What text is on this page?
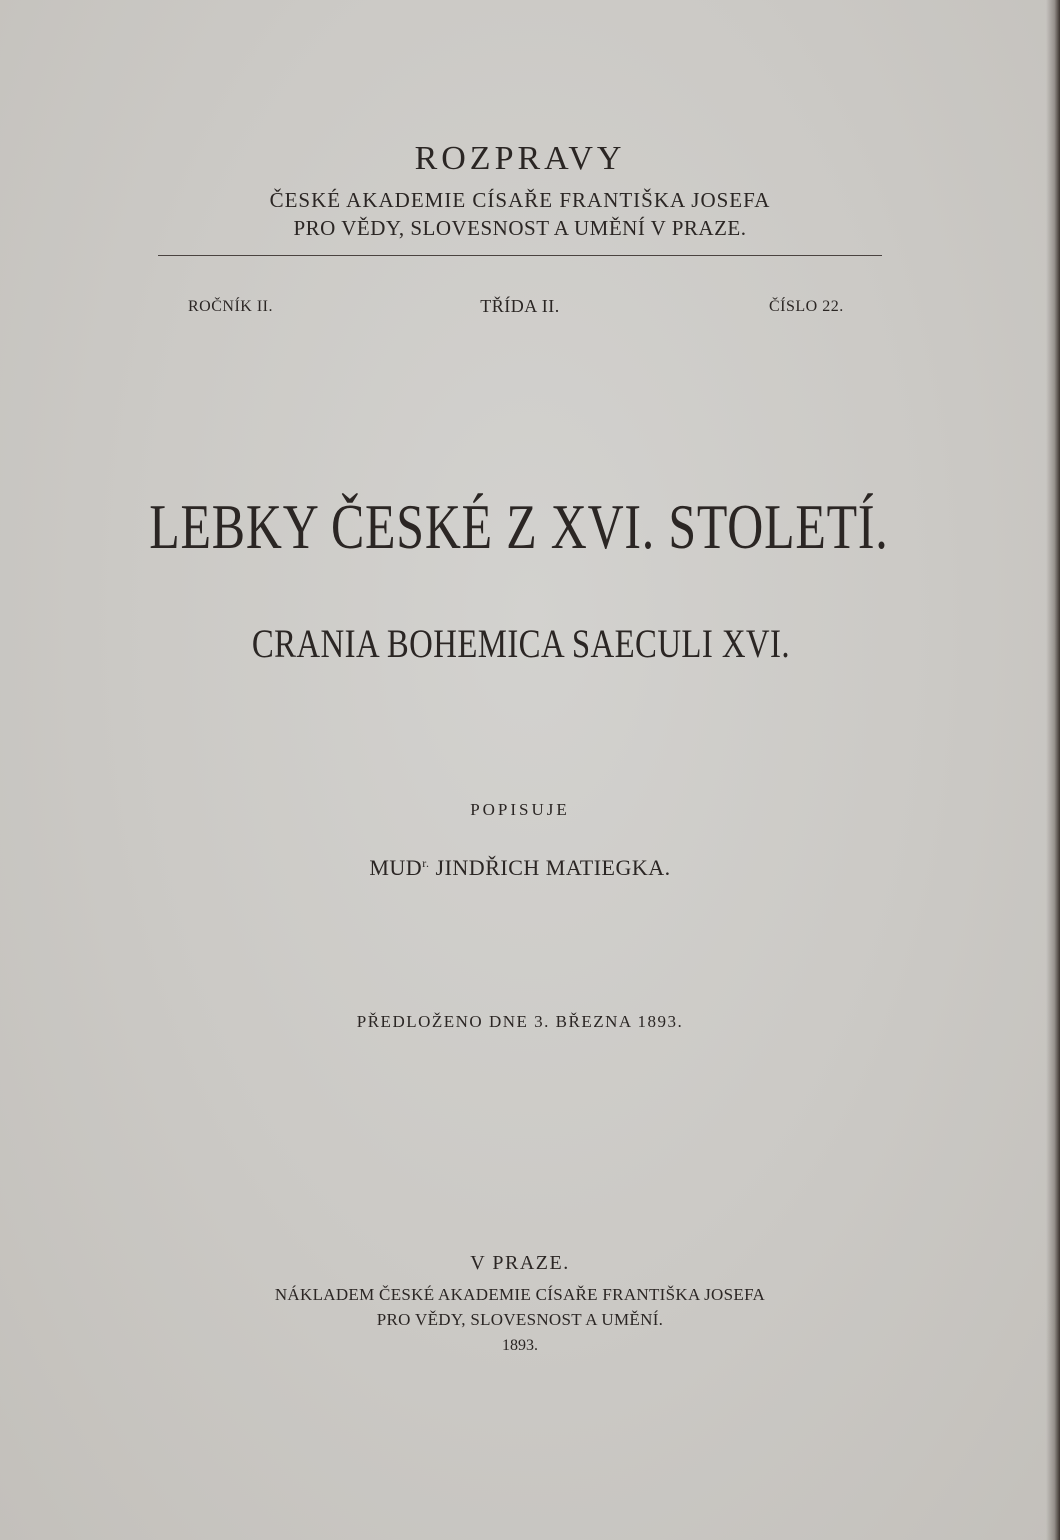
ROZPRAVY
ČESKÉ AKADEMIE CÍSAŘE FRANTIŠKA JOSEFA
PRO VĚDY, SLOVESNOST A UMĚNÍ V PRAZE.
ROČNÍK II.	TŘÍDA II.	ČÍSLO 22.
LEBKY ČESKÉ Z XVI. STOLETÍ.
CRANIA BOHEMICA SAECULI XVI.
POPISUJE
$MUD^{r.}$ JINDŘICH MATIEGKA.
PŘEDLOŽENO DNE 3. BŘEZNA 1893.
V PRAZE.
NÁKLADEM ČESKÉ AKADEMIE CÍSAŘE FRANTIŠKA JOSEFA
PRO VĚDY, SLOVESNOST A UMĚNÍ.
1893.
